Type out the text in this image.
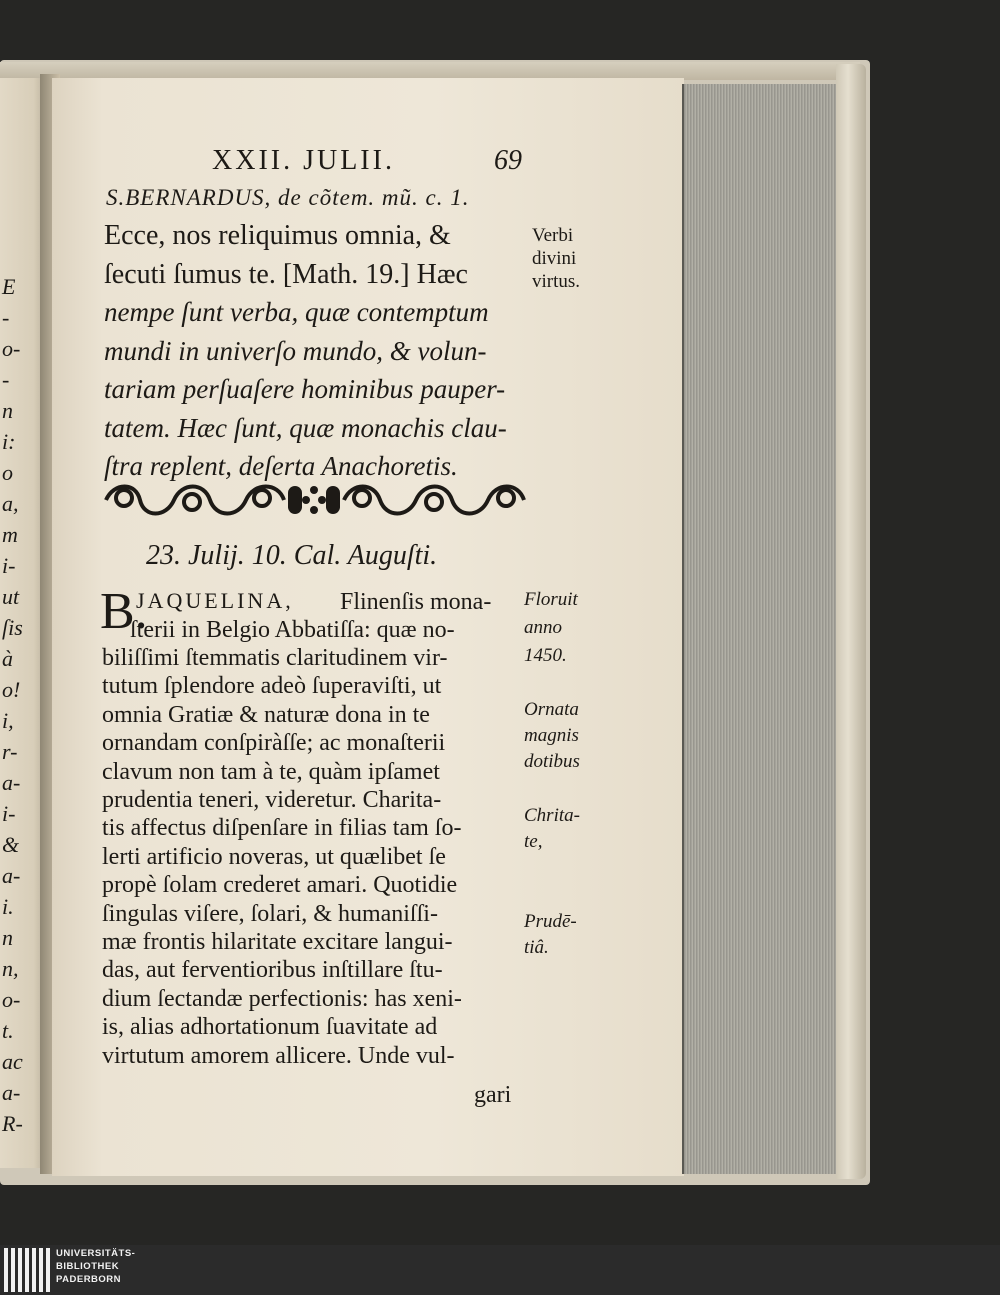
E
-
o-
-
n
i:
o
a,
m
i-
ut
ſis
à
o!
i,
r-
a-
i-
&
a-
i.
n
n,
o-
t.
ac
a-
R-
XXII. JULII.	69
S.BERNARDUS, de cõtem. mũ. c. 1.
Ecce, nos reliquimus omnia, &
ſecuti ſumus te. [Math. 19.] Hæc
nempe ſunt verba, quæ contemptum
mundi in univerſo mundo, & volun-
tariam perſuaſere hominibus pauper-
tatem. Hæc ſunt, quæ monachis clau-
ſtra replent, deſerta Anachoretis.
Verbi
divini
virtus.
23. Julij. 10. Cal. Auguſti.
B.
JAQUELINA, Flinenſis mona-
ſterii in Belgio Abbatiſſa: quæ no-
biliſſimi ſtemmatis claritudinem vir-
tutum ſplendore adeò ſuperaviſti, ut
omnia Gratiæ & naturæ dona in te
ornandam conſpiràſſe; ac monaſterii
clavum non tam à te, quàm ipſamet
prudentia teneri, videretur. Charita-
tis affectus diſpenſare in filias tam ſo-
lerti artificio noveras, ut quælibet ſe
propè ſolam crederet amari. Quotidie
ſingulas viſere, ſolari, & humaniſſi-
mæ frontis hilaritate excitare langui-
das, aut ferventioribus inſtillare ſtu-
dium ſectandæ perfectionis: has xeni-
is, alias adhortationum ſuavitate ad
virtutum amorem allicere. Unde vul-
gari
Floruit
anno
1450.
Ornata
magnis
dotibus
Chrita-
te,
Prudē-
tiâ.
UNIVERSITÄTS-
BIBLIOTHEK
PADERBORN
